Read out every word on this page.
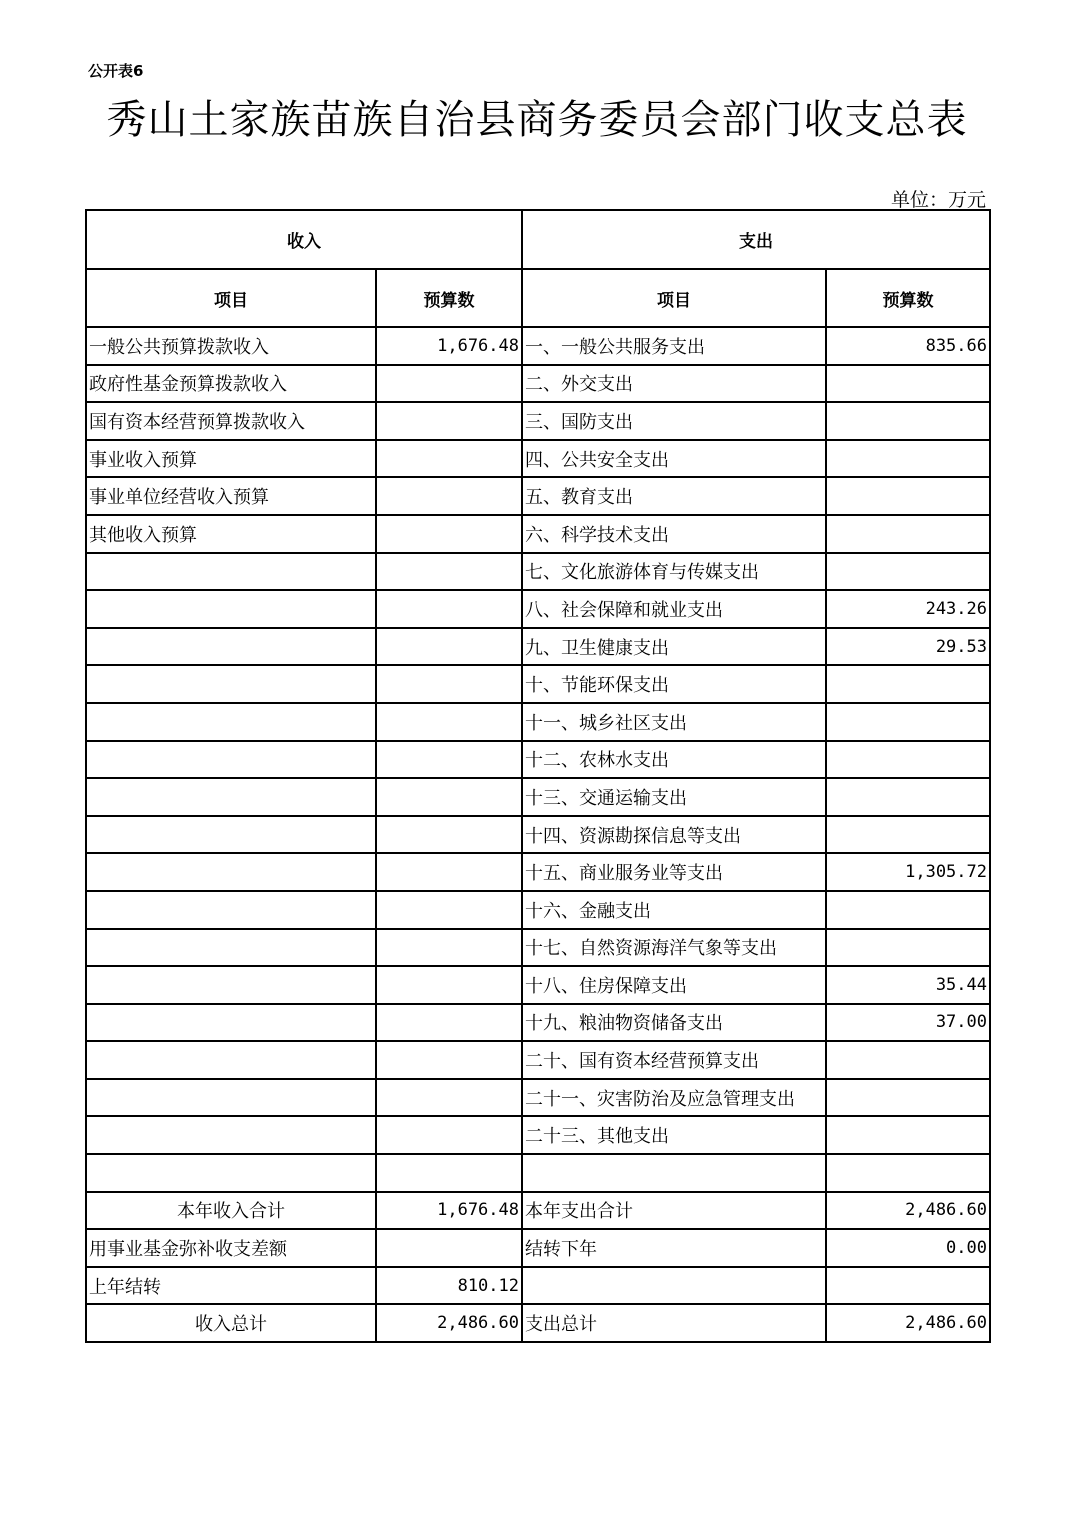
公开表6
秀山土家族苗族自治县商务委员会部门收支总表
单位：万元
收入		支出	
项目	预算数	项目	预算数
一般公共预算拨款收入	1,676.48	一、一般公共服务支出	835.66
政府性基金预算拨款收入		二、外交支出	
国有资本经营预算拨款收入		三、国防支出	
事业收入预算		四、公共安全支出	
事业单位经营收入预算		五、教育支出	
其他收入预算		六、科学技术支出	
		七、文化旅游体育与传媒支出	
		八、社会保障和就业支出	243.26
		九、卫生健康支出	29.53
		十、节能环保支出	
		十一、城乡社区支出	
		十二、农林水支出	
		十三、交通运输支出	
		十四、资源勘探信息等支出	
		十五、商业服务业等支出	1,305.72
		十六、金融支出	
		十七、自然资源海洋气象等支出	
		十八、住房保障支出	35.44
		十九、粮油物资储备支出	37.00
		二十、国有资本经营预算支出	
		二十一、灾害防治及应急管理支出	
		二十三、其他支出	

本年收入合计	1,676.48	本年支出合计	2,486.60
用事业基金弥补收支差额		结转下年	0.00
上年结转	810.12		
收入总计	2,486.60	支出总计	2,486.60
